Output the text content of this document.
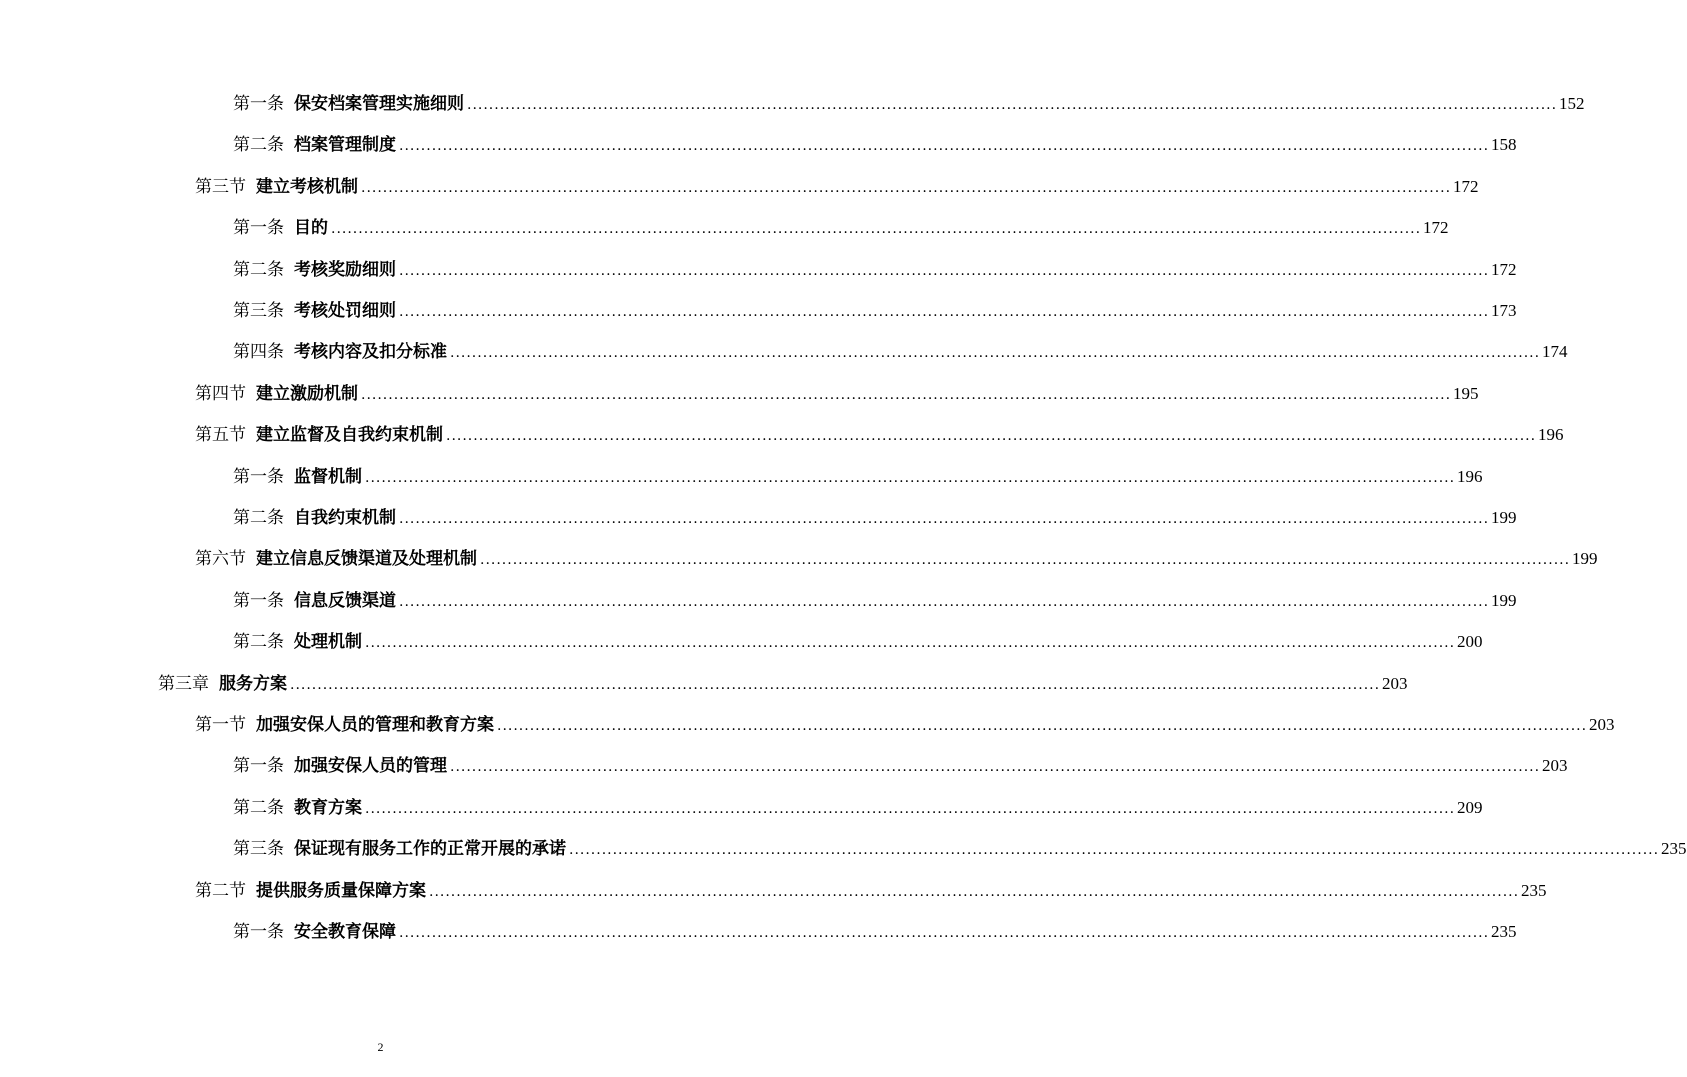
第一条 保安档案管理实施细则 ........................................................................................................................................................................................................ 152
第二条 档案管理制度 ........................................................................................................................................................................................................ 158
第三节 建立考核机制 ........................................................................................................................................................................................................ 172
第一条 目的 ........................................................................................................................................................................................................ 172
第二条 考核奖励细则 ........................................................................................................................................................................................................ 172
第三条 考核处罚细则 ........................................................................................................................................................................................................ 173
第四条 考核内容及扣分标准 ........................................................................................................................................................................................................ 174
第四节 建立激励机制 ........................................................................................................................................................................................................ 195
第五节 建立监督及自我约束机制 ........................................................................................................................................................................................................ 196
第一条 监督机制 ........................................................................................................................................................................................................ 196
第二条 自我约束机制 ........................................................................................................................................................................................................ 199
第六节 建立信息反馈渠道及处理机制 ........................................................................................................................................................................................................ 199
第一条 信息反馈渠道 ........................................................................................................................................................................................................ 199
第二条 处理机制 ........................................................................................................................................................................................................ 200
第三章 服务方案 ........................................................................................................................................................................................................ 203
第一节 加强安保人员的管理和教育方案 ........................................................................................................................................................................................................ 203
第一条 加强安保人员的管理 ........................................................................................................................................................................................................ 203
第二条 教育方案 ........................................................................................................................................................................................................ 209
第三条 保证现有服务工作的正常开展的承诺 ........................................................................................................................................................................................................ 235
第二节 提供服务质量保障方案 ........................................................................................................................................................................................................ 235
第一条 安全教育保障 ........................................................................................................................................................................................................ 235
2
